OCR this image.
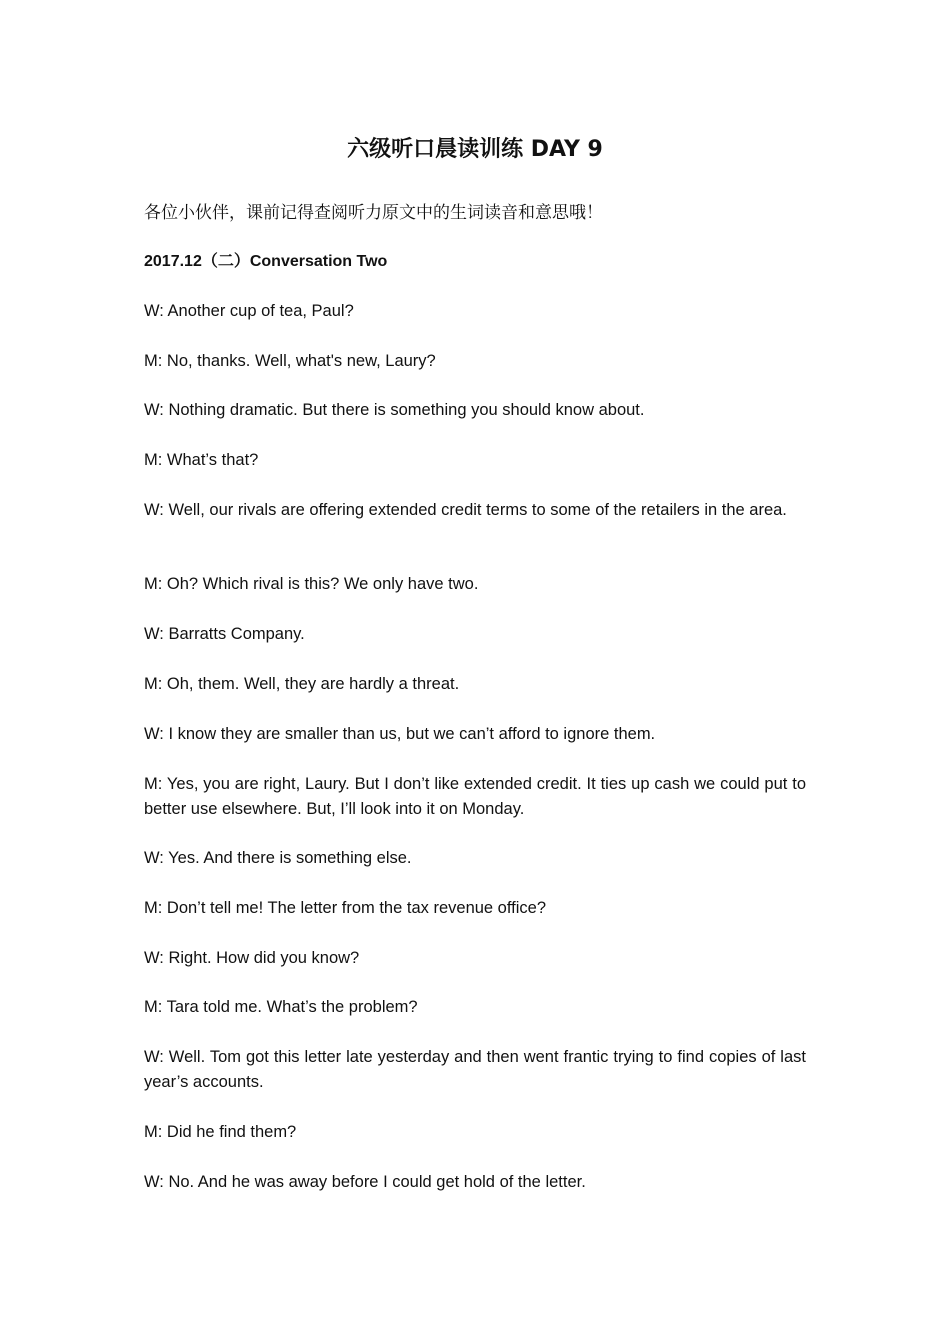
六级听口晨读训练 DAY 9
各位小伙伴，课前记得查阅听力原文中的生词读音和意思哦！
2017.12（二）Conversation Two
W: Another cup of tea, Paul?
M: No, thanks. Well, what's new, Laury?
W: Nothing dramatic. But there is something you should know about.
M: What’s that?
W: Well, our rivals are offering extended credit terms to some of the retailers in the area.
M: Oh? Which rival is this? We only have two.
W: Barratts Company.
M: Oh, them. Well, they are hardly a threat.
W: I know they are smaller than us, but we can’t afford to ignore them.
M: Yes, you are right, Laury. But I don’t like extended credit. It ties up cash we could put to better use elsewhere. But, I’ll look into it on Monday.
W: Yes. And there is something else.
M: Don’t tell me! The letter from the tax revenue office?
W: Right. How did you know?
M: Tara told me. What’s the problem?
W: Well. Tom got this letter late yesterday and then went frantic trying to find copies of last year’s accounts.
M: Did he find them?
W: No. And he was away before I could get hold of the letter.
